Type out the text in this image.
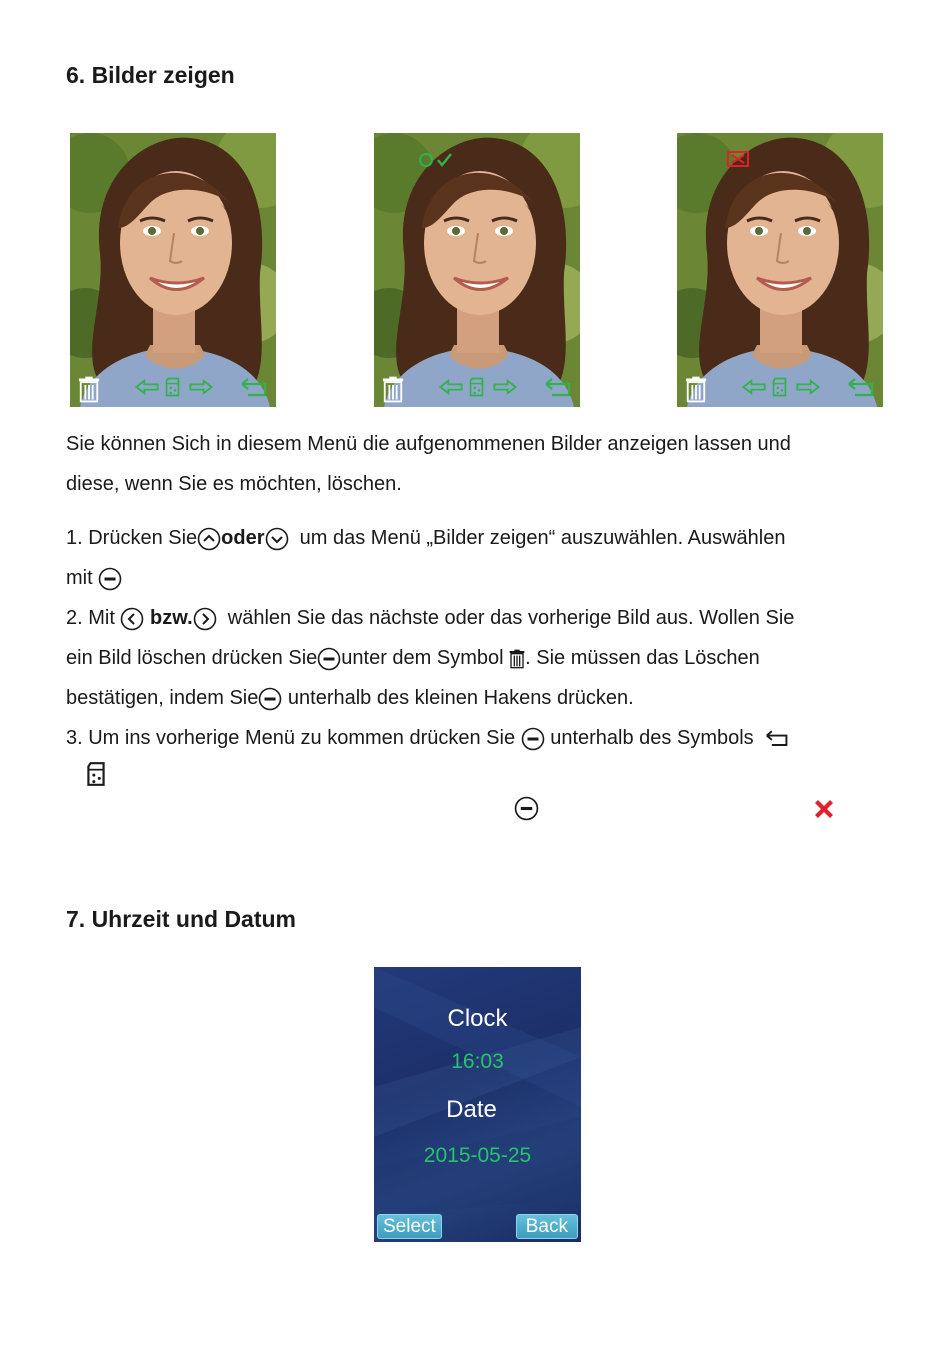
6. Bilder zeigen
Sie können Sich in diesem Menü die aufgenommenen Bilder anzeigen lassen und
diese, wenn Sie es möchten, löschen.
1. Drücken Sie oder um das Menü „Bilder zeigen“ auszuwählen. Auswählen
mit
2. Mit bzw. wählen Sie das nächste oder das vorherige Bild aus. Wollen Sie
ein Bild löschen drücken Sie unter dem Symbol . Sie müssen das Löschen
bestätigen, indem Sie unterhalb des kleinen Hakens drücken.
3. Um ins vorherige Menü zu kommen drücken Sie unterhalb des Symbols
7. Uhrzeit und Datum
Clock
16:03
Date
2015-05-25
Select	Back
